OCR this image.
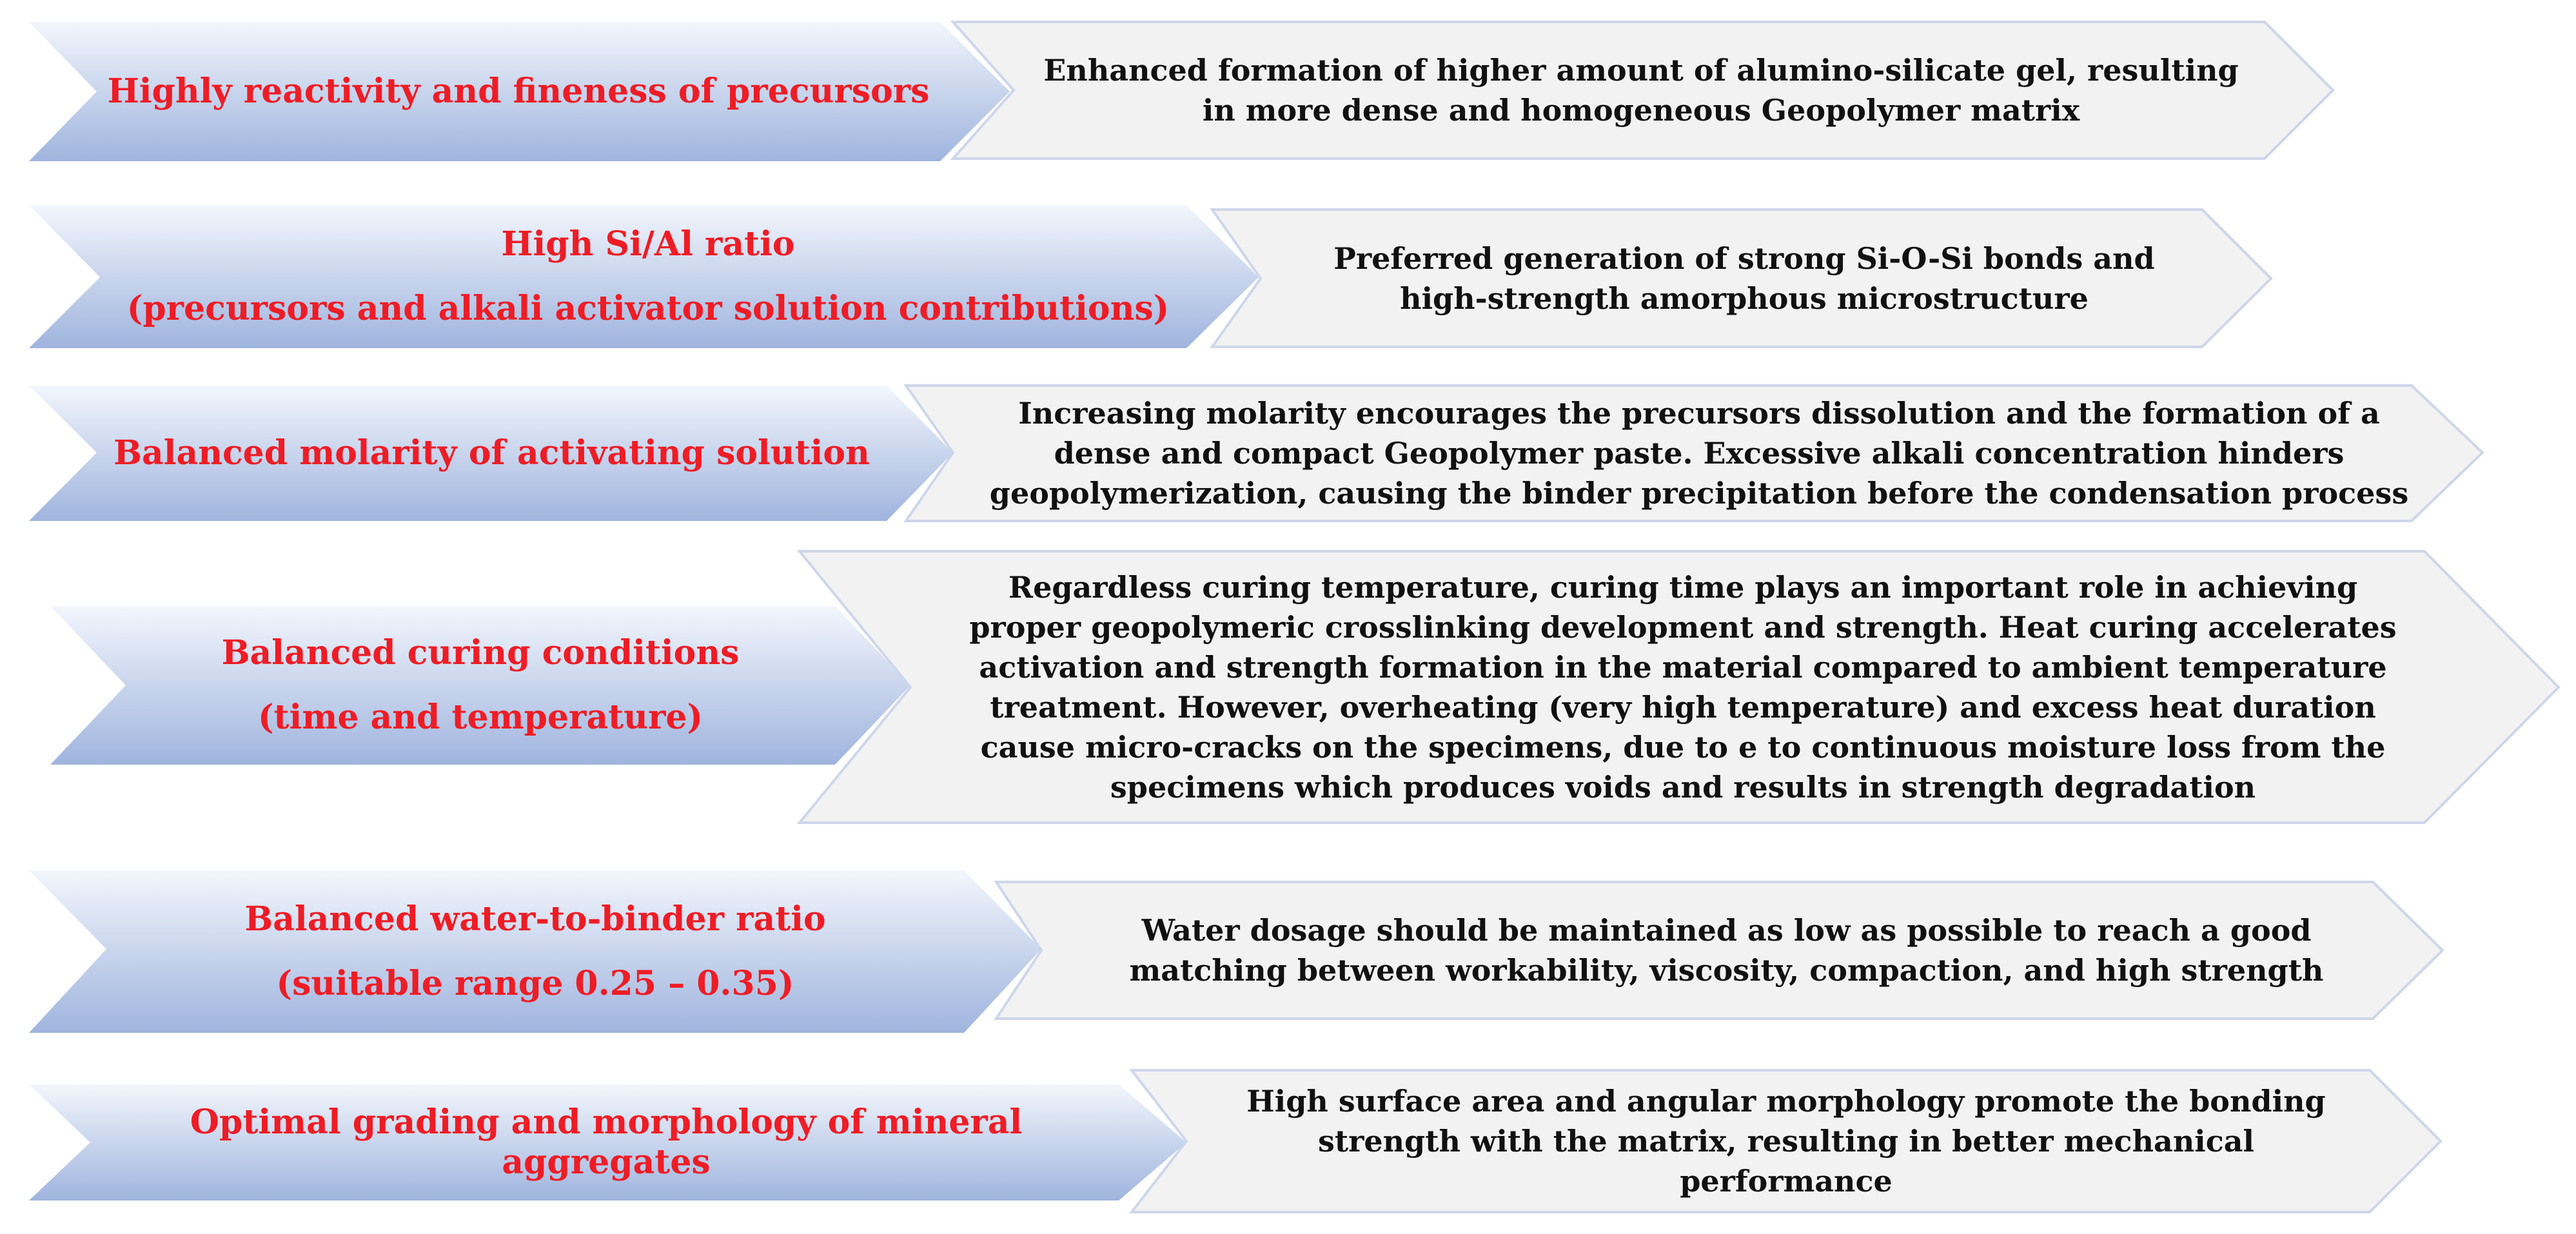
Highly reactivity and fineness of precursors
Enhanced formation of higher amount of alumino-silicate gel, resulting in more dense and homogeneous Geopolymer matrix
High Si/Al ratio
(precursors and alkali activator solution contributions)
Preferred generation of strong Si-O-Si bonds and high-strength amorphous microstructure
Balanced molarity of activating solution
Increasing molarity encourages the precursors dissolution and the formation of a dense and compact Geopolymer paste. Excessive alkali concentration hinders geopolymerization, causing the binder precipitation before the condensation process
Balanced curing conditions
(time and temperature)
Regardless curing temperature, curing time plays an important role in achieving proper geopolymeric crosslinking development and strength. Heat curing accelerates activation and strength formation in the material compared to ambient temperature treatment. However, overheating (very high temperature) and excess heat duration cause micro-cracks on the specimens, due to e to continuous moisture loss from the specimens which produces voids and results in strength degradation
Balanced water-to-binder ratio
(suitable range 0.25 – 0.35)
Water dosage should be maintained as low as possible to reach a good matching between workability, viscosity, compaction, and high strength
Optimal grading and morphology of mineral aggregates
High surface area and angular morphology promote the bonding strength with the matrix, resulting in better mechanical performance
